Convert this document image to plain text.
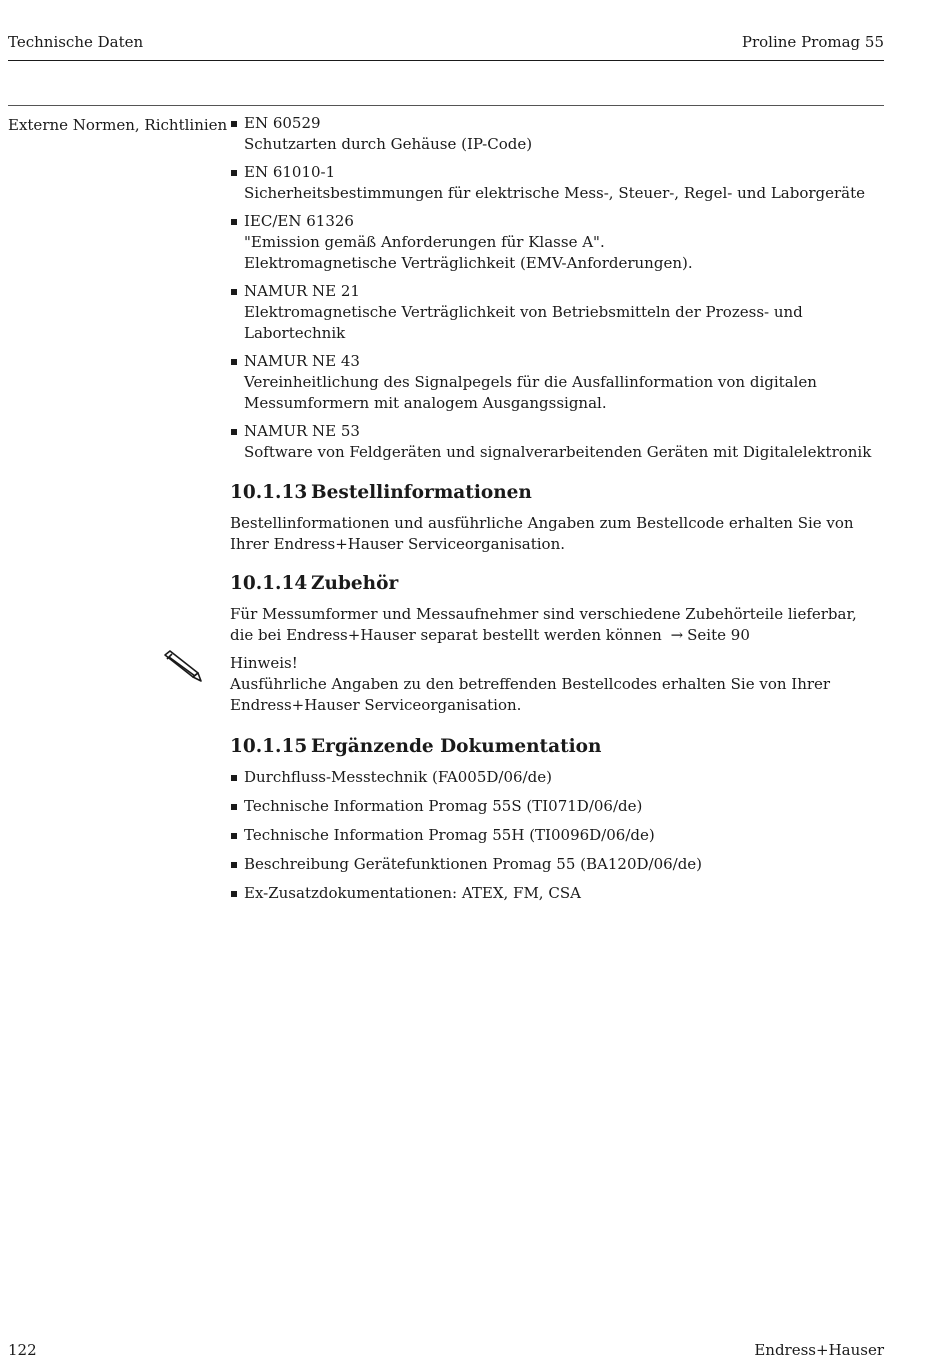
Technische Daten	Proline Promag 55
Externe Normen, Richtlinien EN 60529
Schutzarten durch Gehäuse (IP-Code)
EN 61010-1
Sicherheitsbestimmungen für elektrische Mess-, Steuer-, Regel- und Laborgeräte
IEC/EN 61326
"Emission gemäß Anforderungen für Klasse A".
Elektromagnetische Verträglichkeit (EMV-Anforderungen).
NAMUR NE 21
Elektromagnetische Verträglichkeit von Betriebsmitteln der Prozess- und Labortechnik
NAMUR NE 43
Vereinheitlichung des Signalpegels für die Ausfallinformation von digitalen Messumformern mit analogem Ausgangssignal.
NAMUR NE 53
Software von Feldgeräten und signalverarbeitenden Geräten mit Digitalelektronik
10.1.13 Bestellinformationen
Bestellinformationen und ausführliche Angaben zum Bestellcode erhalten Sie von Ihrer Endress+Hauser Serviceorganisation.
10.1.14 Zubehör
Für Messumformer und Messaufnehmer sind verschiedene Zubehörteile lieferbar, die bei Endress+Hauser separat bestellt werden können → Seite 90
Hinweis!
Ausführliche Angaben zu den betreffenden Bestellcodes erhalten Sie von Ihrer Endress+Hauser Serviceorganisation.
10.1.15 Ergänzende Dokumentation
Durchfluss-Messtechnik (FA005D/06/de)
Technische Information Promag 55S (TI071D/06/de)
Technische Information Promag 55H (TI0096D/06/de)
Beschreibung Gerätefunktionen Promag 55 (BA120D/06/de)
Ex-Zusatzdokumentationen: ATEX, FM, CSA
122	Endress+Hauser
